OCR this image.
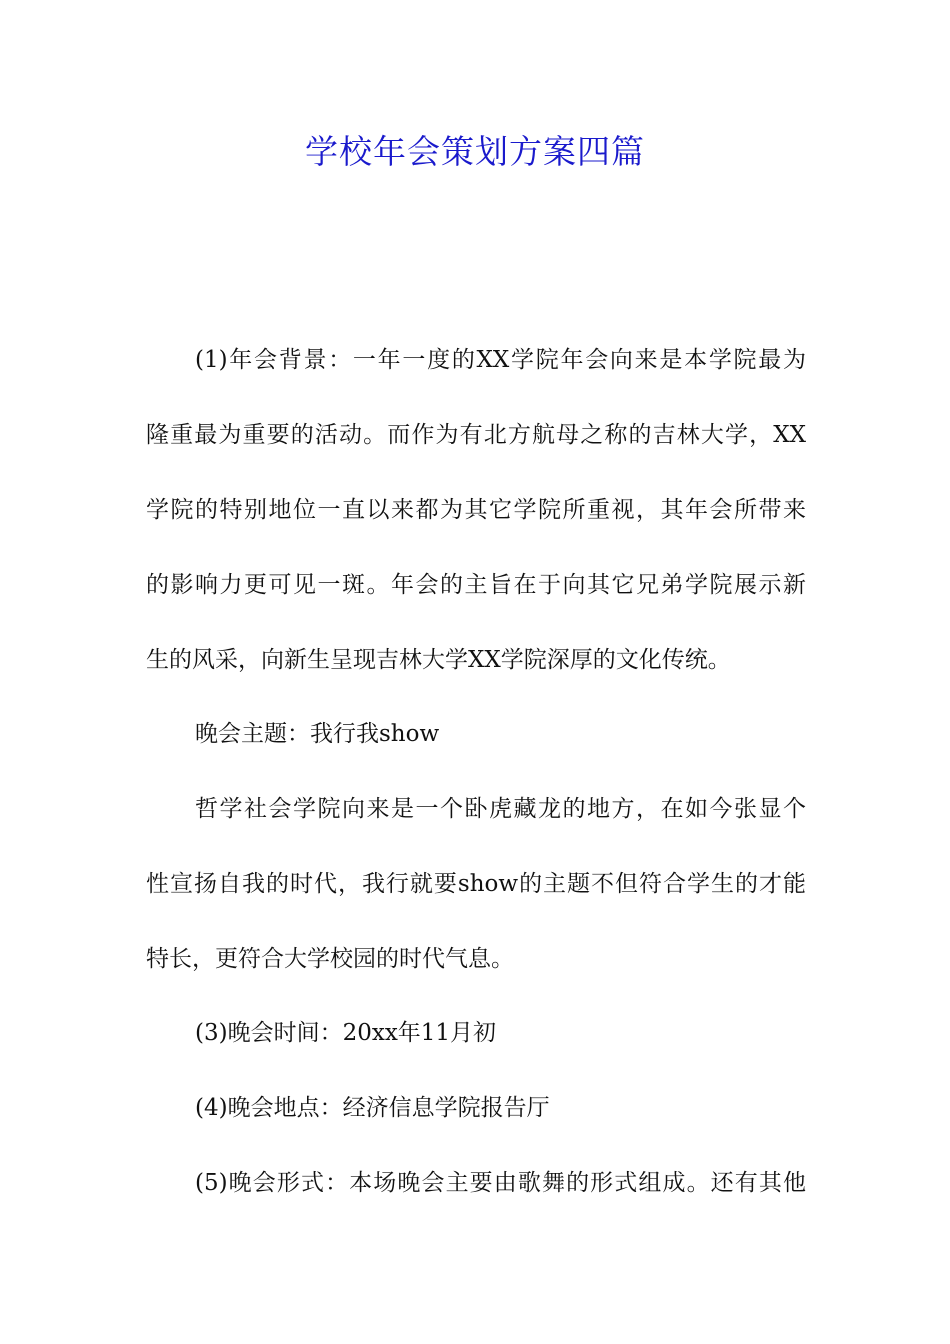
学校年会策划方案四篇
(1)年会背景：一年一度的XX学院年会向来是本学院最为
隆重最为重要的活动。而作为有北方航母之称的吉林大学，XX
学院的特别地位一直以来都为其它学院所重视，其年会所带来
的影响力更可见一斑。年会的主旨在于向其它兄弟学院展示新
生的风采，向新生呈现吉林大学XX学院深厚的文化传统。
晚会主题：我行我show
哲学社会学院向来是一个卧虎藏龙的地方，在如今张显个
性宣扬自我的时代，我行就要show的主题不但符合学生的才能
特长，更符合大学校园的时代气息。
(3)晚会时间：20xx年11月初
(4)晚会地点：经济信息学院报告厅
(5)晚会形式：本场晚会主要由歌舞的形式组成。还有其他
